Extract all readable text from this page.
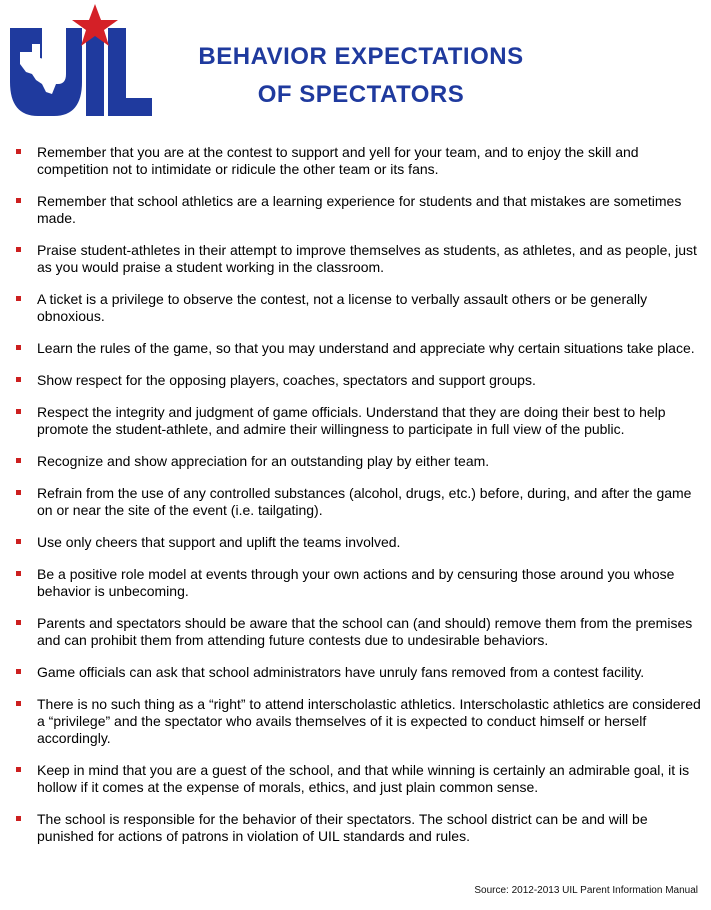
BEHAVIOR EXPECTATIONS
OF SPECTATORS
Remember that you are at the contest to support and yell for your team, and to enjoy the skill and competition not to intimidate or ridicule the other team or its fans.
Remember that school athletics are a learning experience for students and that mistakes are sometimes made.
Praise student-athletes in their attempt to improve themselves as students, as athletes, and as people, just as you would praise a student working in the classroom.
A ticket is a privilege to observe the contest, not a license to verbally assault others or be generally obnoxious.
Learn the rules of the game, so that you may understand and appreciate why certain situations take place.
Show respect for the opposing players, coaches, spectators and support groups.
Respect the integrity and judgment of game officials. Understand that they are doing their best to help promote the student-athlete, and admire their willingness to participate in full view of the public.
Recognize and show appreciation for an outstanding play by either team.
Refrain from the use of any controlled substances (alcohol, drugs, etc.) before, during, and after the game on or near the site of the event (i.e. tailgating).
Use only cheers that support and uplift the teams involved.
Be a positive role model at events through your own actions and by censuring those around you whose behavior is unbecoming.
Parents and spectators should be aware that the school can (and should) remove them from the premises and can prohibit them from attending future contests due to undesirable behaviors.
Game officials can ask that school administrators have unruly fans removed from a contest facility.
There is no such thing as a “right” to attend interscholastic athletics. Interscholastic athletics are considered a “privilege” and the spectator who avails themselves of it is expected to conduct himself or herself accordingly.
Keep in mind that you are a guest of the school, and that while winning is certainly an admirable goal, it is hollow if it comes at the expense of morals, ethics, and just plain common sense.
The school is responsible for the behavior of their spectators. The school district can be and will be punished for actions of patrons in violation of UIL standards and rules.
Source: 2012-2013 UIL Parent Information Manual
